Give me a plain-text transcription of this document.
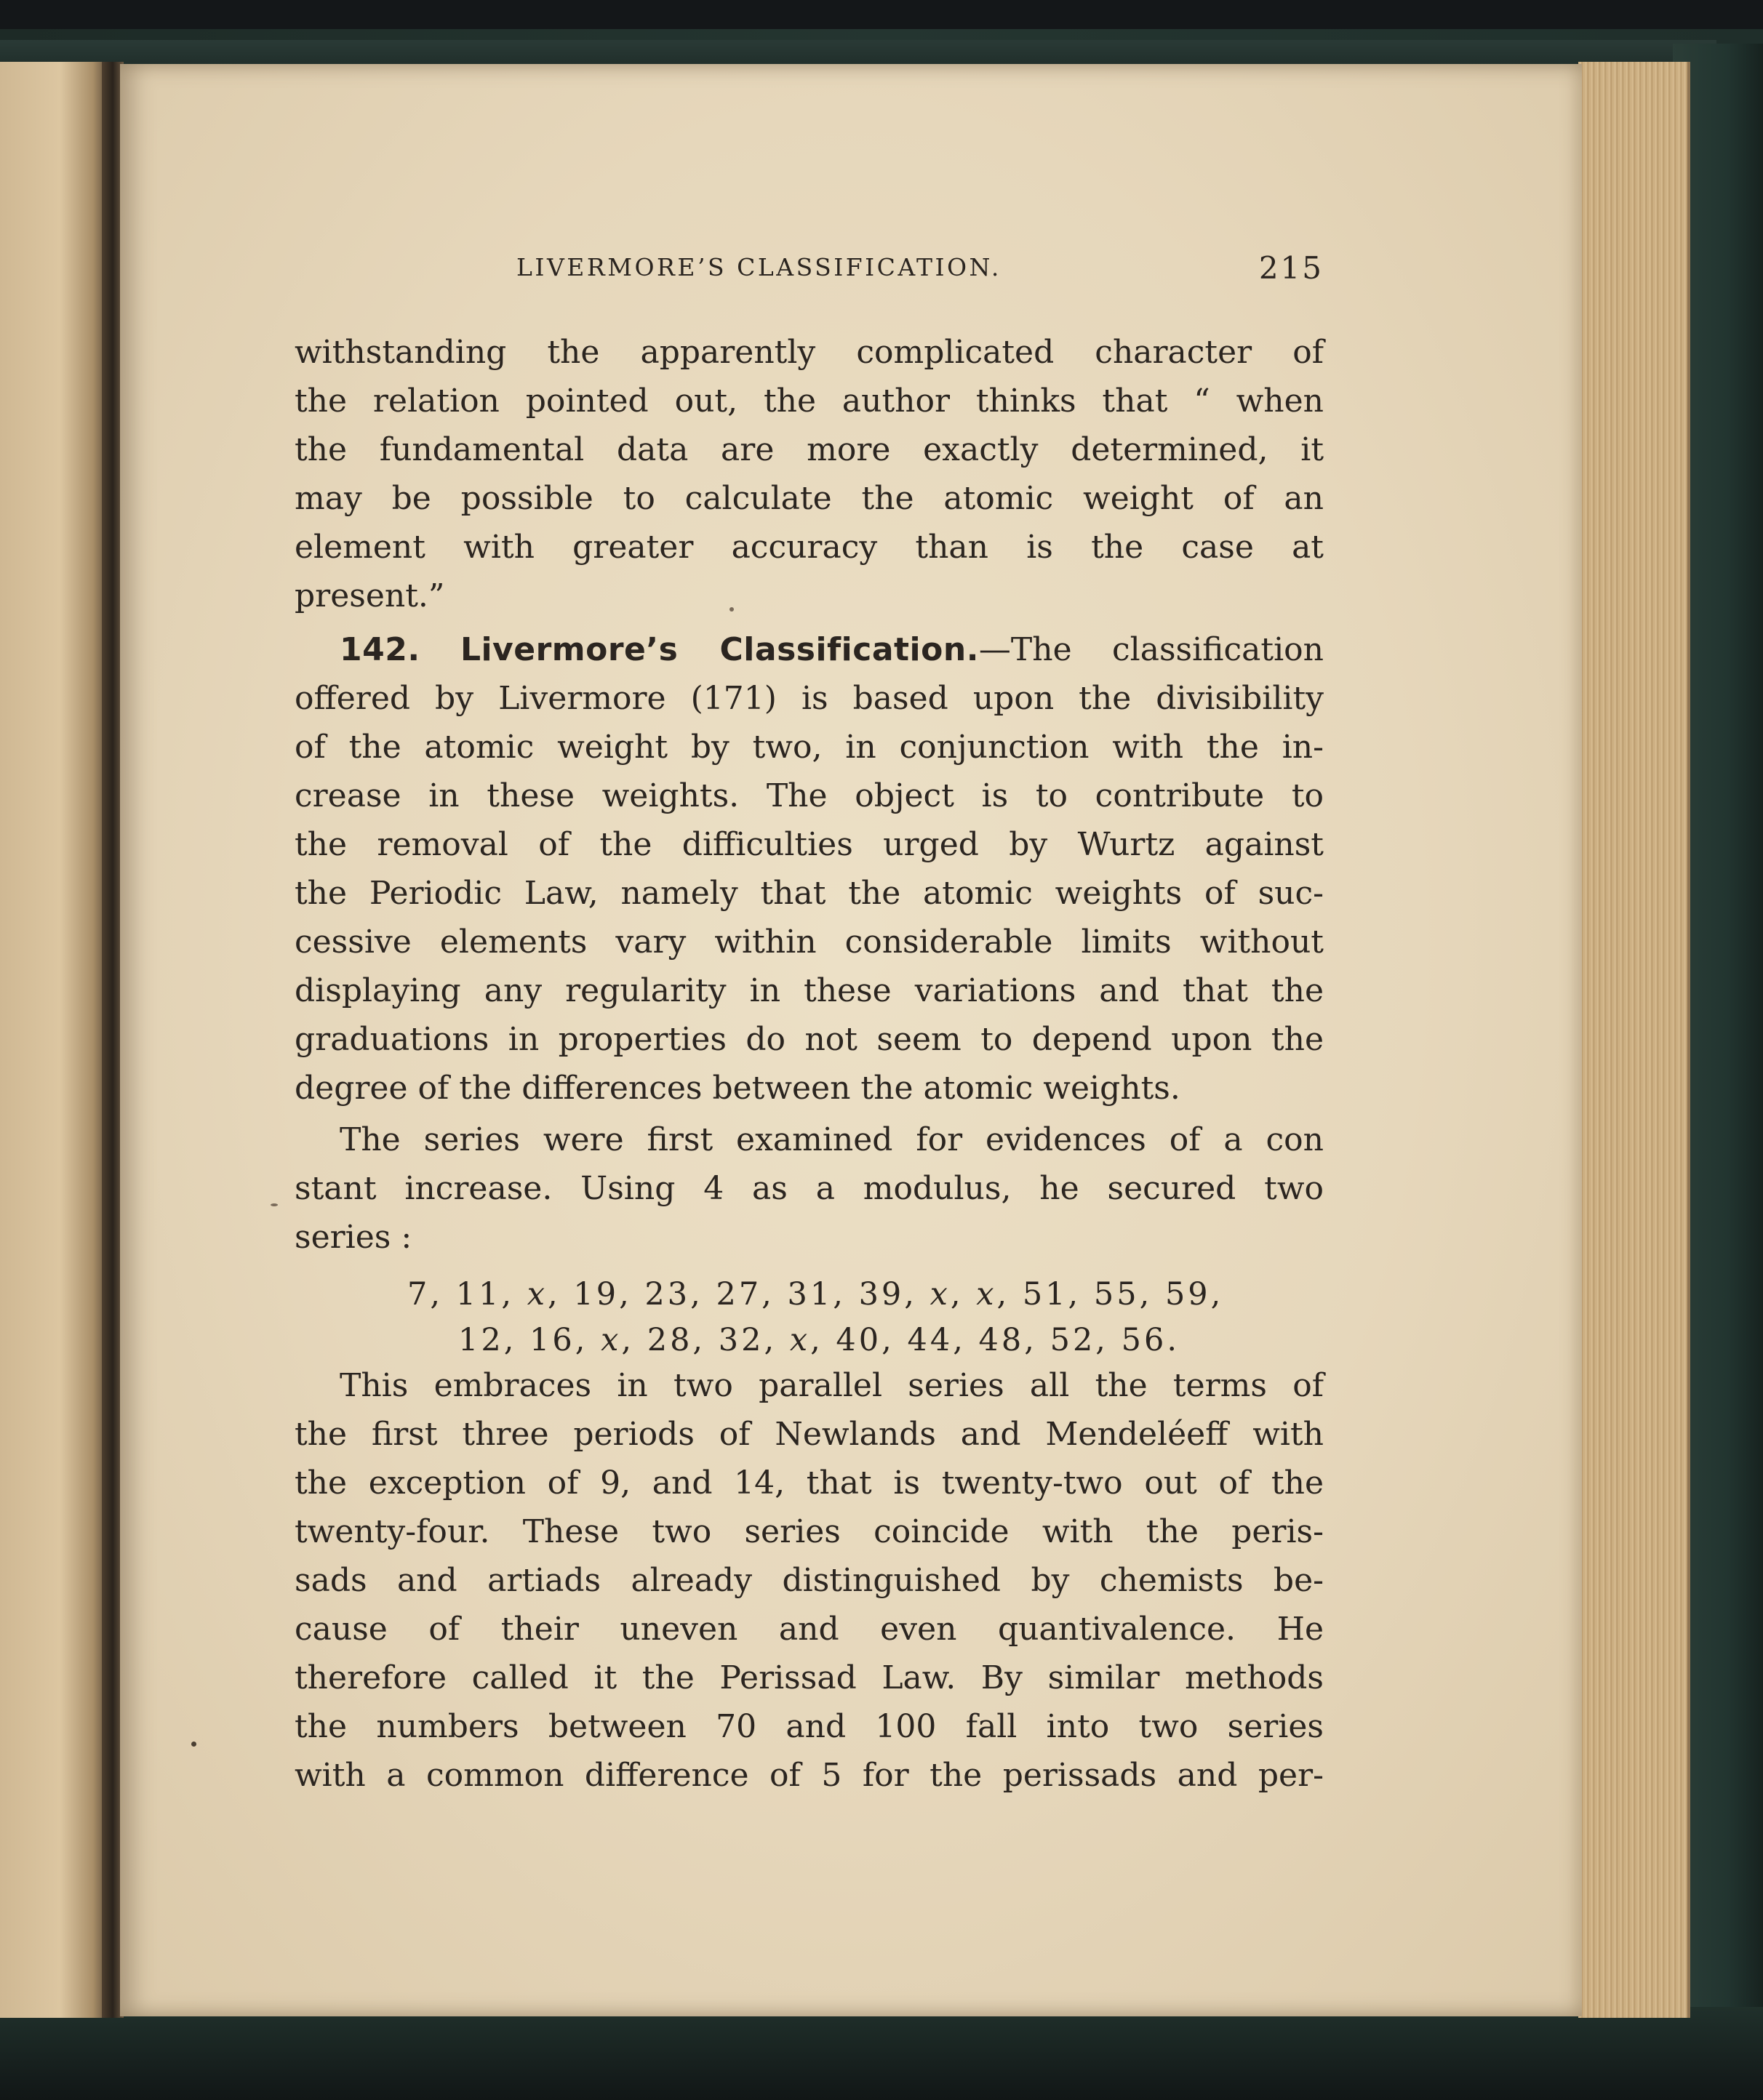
LIVERMORE’S CLASSIFICATION.	215
withstanding the apparently complicated character of
the relation pointed out, the author thinks that “ when
the fundamental data are more exactly determined, it
may be possible to calculate the atomic weight of an
element with greater accuracy than is the case at
present.”
142. Livermore’s Classification.—The classification
offered by Livermore (171) is based upon the divisibility
of the atomic weight by two, in conjunction with the in-
crease in these weights. The object is to contribute to
the removal of the difficulties urged by Wurtz against
the Periodic Law, namely that the atomic weights of suc-
cessive elements vary within considerable limits without
displaying any regularity in these variations and that the
graduations in properties do not seem to depend upon the
degree of the differences between the atomic weights.
The series were first examined for evidences of a con
stant increase. Using 4 as a modulus, he secured two
series :
7, 11, x, 19, 23, 27, 31, 39, x, x, 51, 55, 59,
12, 16, x, 28, 32, x, 40, 44, 48, 52, 56.
This embraces in two parallel series all the terms of
the first three periods of Newlands and Mendeléeff with
the exception of 9, and 14, that is twenty-two out of the
twenty-four. These two series coincide with the peris-
sads and artiads already distinguished by chemists be-
cause of their uneven and even quantivalence. He
therefore called it the Perissad Law. By similar methods
the numbers between 70 and 100 fall into two series
with a common difference of 5 for the perissads and per-
